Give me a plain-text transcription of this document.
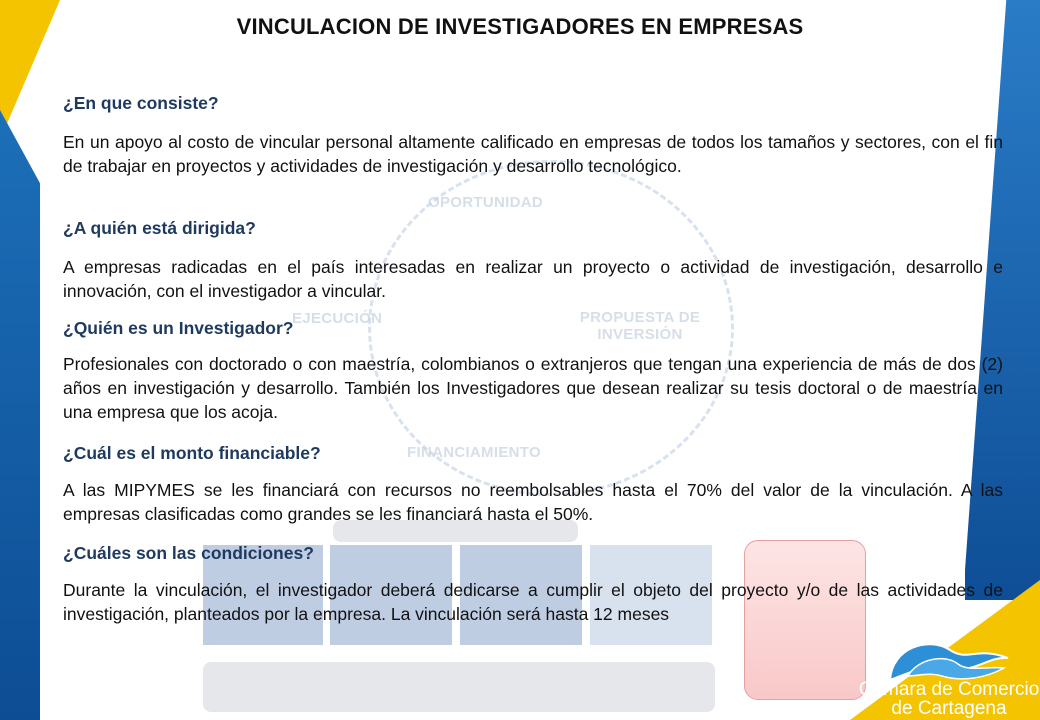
OPORTUNIDAD
EJECUCIÓN	PROPUESTA DE INVERSIÓN
FINANCIAMIENTO
VINCULACION DE INVESTIGADORES EN EMPRESAS
¿En que consiste?
En un apoyo al costo de vincular personal altamente calificado en empresas de todos los tamaños y sectores, con el fin de trabajar en proyectos y actividades de investigación y desarrollo tecnológico.
¿A quién está dirigida?
A empresas radicadas en el país interesadas en realizar un proyecto o actividad de investigación, desarrollo e innovación, con el investigador a vincular.
¿Quién es un Investigador?
Profesionales con doctorado o con maestría, colombianos o extranjeros que tengan una experiencia de más de dos (2) años en investigación y desarrollo. También los Investigadores que desean realizar su tesis doctoral o de maestría en una empresa que los acoja.
¿Cuál es el monto financiable?
A las MIPYMES se les financiará con recursos no reembolsables hasta el 70% del valor de la vinculación. A las empresas clasificadas como grandes se les financiará hasta el 50%.
¿Cuáles son las condiciones?
Durante la vinculación, el investigador deberá dedicarse a cumplir el objeto del proyecto y/o de las actividades de investigación, planteados por la empresa. La vinculación será hasta 12 meses
Cámara de Comercio
de Cartagena
